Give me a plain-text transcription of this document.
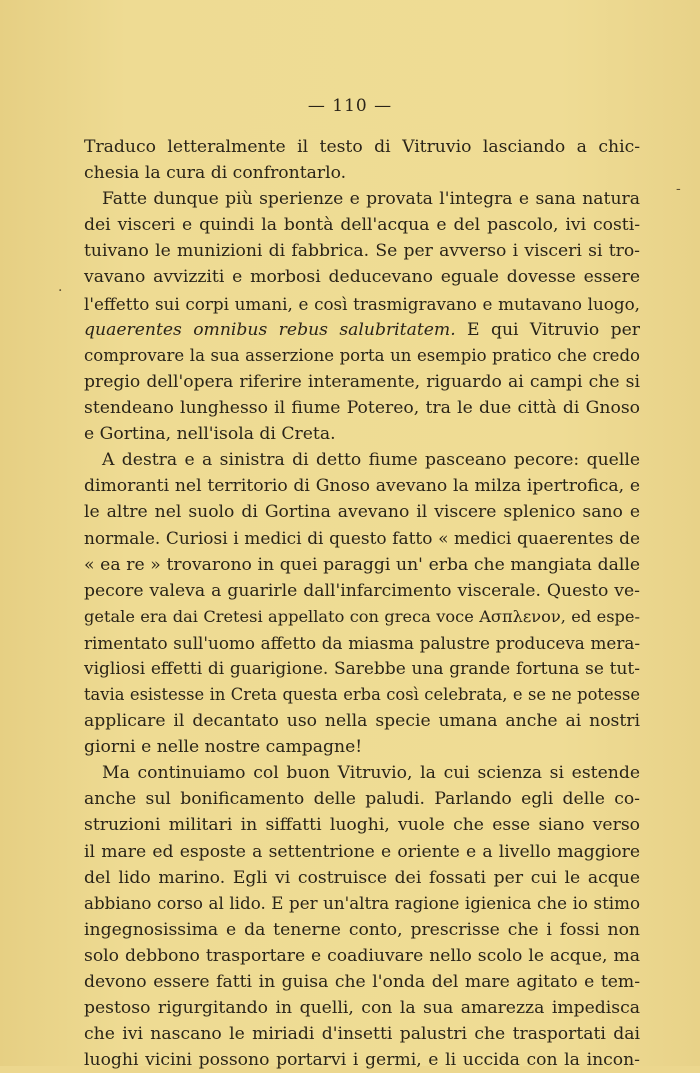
— 110 —
-
·
Traduco letteralmente il testo di Vitruvio lasciando a chic-
chesia la cura di confrontarlo.
Fatte dunque più sperienze e provata l'integra e sana natura
dei visceri e quindi la bontà dell'acqua e del pascolo, ivi costi-
tuivano le munizioni di fabbrica. Se per avverso i visceri si tro-
vavano avvizziti e morbosi deducevano eguale dovesse essere
l'effetto sui corpi umani, e così trasmigravano e mutavano luogo,
quaerentes omnibus rebus salubritatem. E qui Vitruvio per
comprovare la sua asserzione porta un esempio pratico che credo
pregio dell'opera riferire interamente, riguardo ai campi che si
stendeano lunghesso il fiume Potereo, tra le due città di Gnoso
e Gortina, nell'isola di Creta.
A destra e a sinistra di detto fiume pasceano pecore: quelle
dimoranti nel territorio di Gnoso avevano la milza ipertrofica, e
le altre nel suolo di Gortina avevano il viscere splenico sano e
normale. Curiosi i medici di questo fatto « medici quaerentes de
« ea re » trovarono in quei paraggi un' erba che mangiata dalle
pecore valeva a guarirle dall'infarcimento viscerale. Questo ve-
getale era dai Cretesi appellato con greca voce Ασπλενον, ed espe-
rimentato sull'uomo affetto da miasma palustre produceva mera-
vigliosi effetti di guarigione. Sarebbe una grande fortuna se tut-
tavia esistesse in Creta questa erba così celebrata, e se ne potesse
applicare il decantato uso nella specie umana anche ai nostri
giorni e nelle nostre campagne!
Ma continuiamo col buon Vitruvio, la cui scienza si estende
anche sul bonificamento delle paludi. Parlando egli delle co-
struzioni militari in siffatti luoghi, vuole che esse siano verso
il mare ed esposte a settentrione e oriente e a livello maggiore
del lido marino. Egli vi costruisce dei fossati per cui le acque
abbiano corso al lido. E per un'altra ragione igienica che io stimo
ingegnosissima e da tenerne conto, prescrisse che i fossi non
solo debbono trasportare e coadiuvare nello scolo le acque, ma
devono essere fatti in guisa che l'onda del mare agitato e tem-
pestoso rigurgitando in quelli, con la sua amarezza impedisca
che ivi nascano le miriadi d'insetti palustri che trasportati dai
luoghi vicini possono portarvi i germi, e li uccida con la incon-
